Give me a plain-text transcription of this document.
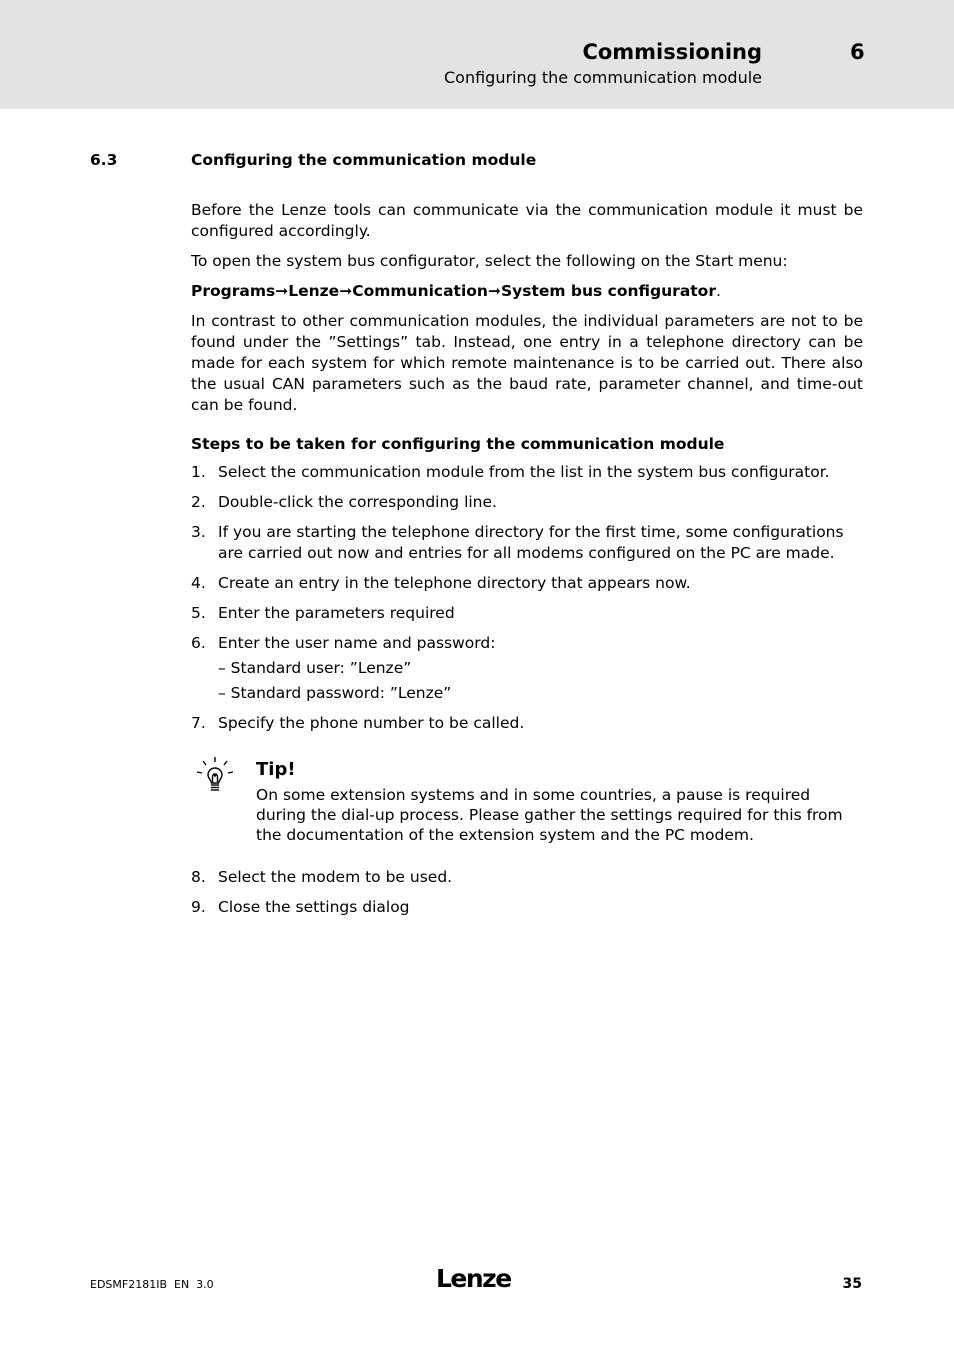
Commissioning	6
Configuring the communication module
6.3	Configuring the communication module

Before the Lenze tools can communicate via the communication module it must be configured accordingly.

To open the system bus configurator, select the following on the Start menu:

Programs➞Lenze➞Communication➞System bus configurator.

In contrast to other communication modules, the individual parameters are not to be found under the ”Settings” tab. Instead, one entry in a telephone directory can be made for each system for which remote maintenance is to be carried out. There also the usual CAN parameters such as the baud rate, parameter channel, and time-out can be found.

Steps to be taken for configuring the communication module

1. Select the communication module from the list in the system bus configurator.
2. Double-click the corresponding line.
3. If you are starting the telephone directory for the first time, some configurations are carried out now and entries for all modems configured on the PC are made.
4. Create an entry in the telephone directory that appears now.
5. Enter the parameters required
6. Enter the user name and password:
– Standard user: ”Lenze”
– Standard password: ”Lenze”
7. Specify the phone number to be called.
Tip!
On some extension systems and in some countries, a pause is required during the dial-up process. Please gather the settings required for this from the documentation of the extension system and the PC modem.
8. Select the modem to be used.
9. Close the settings dialog
EDSMF2181IB  EN  3.0	Lenze	35
